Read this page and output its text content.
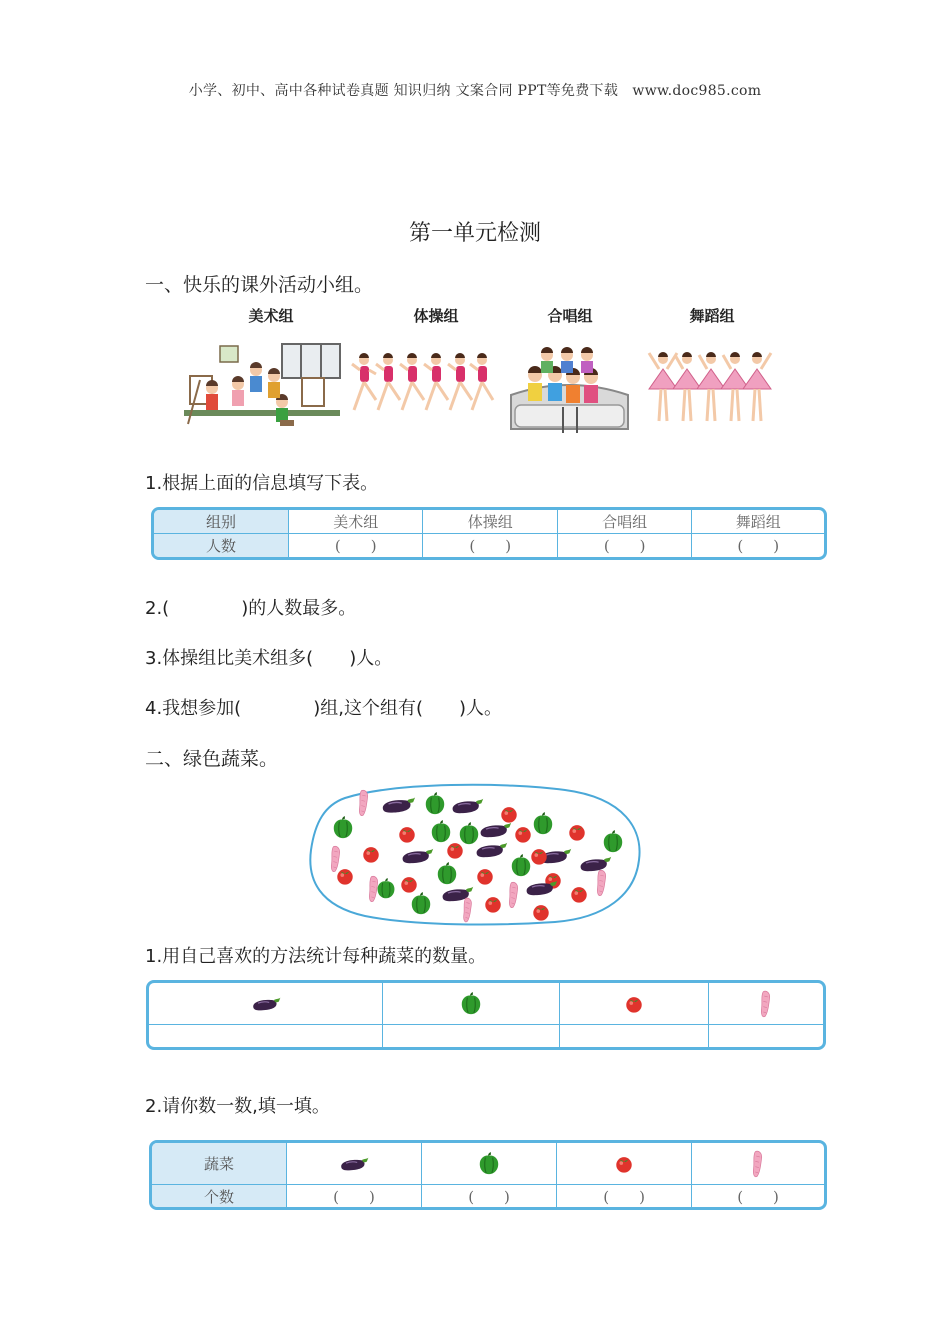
小学、初中、高中各种试卷真题 知识归纳 文案合同 PPT等免费下载　www.doc985.com
第一单元检测
一、快乐的课外活动小组。
美术组	体操组	合唱组	舞蹈组
1.根据上面的信息填写下表。
组别	美术组	体操组	合唱组	舞蹈组
人数	(　　)	(　　)	(　　)	(　　)
2.(　　　　)的人数最多。
3.体操组比美术组多(　　)人。
4.我想参加(　　　　)组,这个组有(　　)人。
二、绿色蔬菜。
1.用自己喜欢的方法统计每种蔬菜的数量。

2.请你数一数,填一填。
蔬菜				
个数	(　　)	(　　)	(　　)	(　　)
